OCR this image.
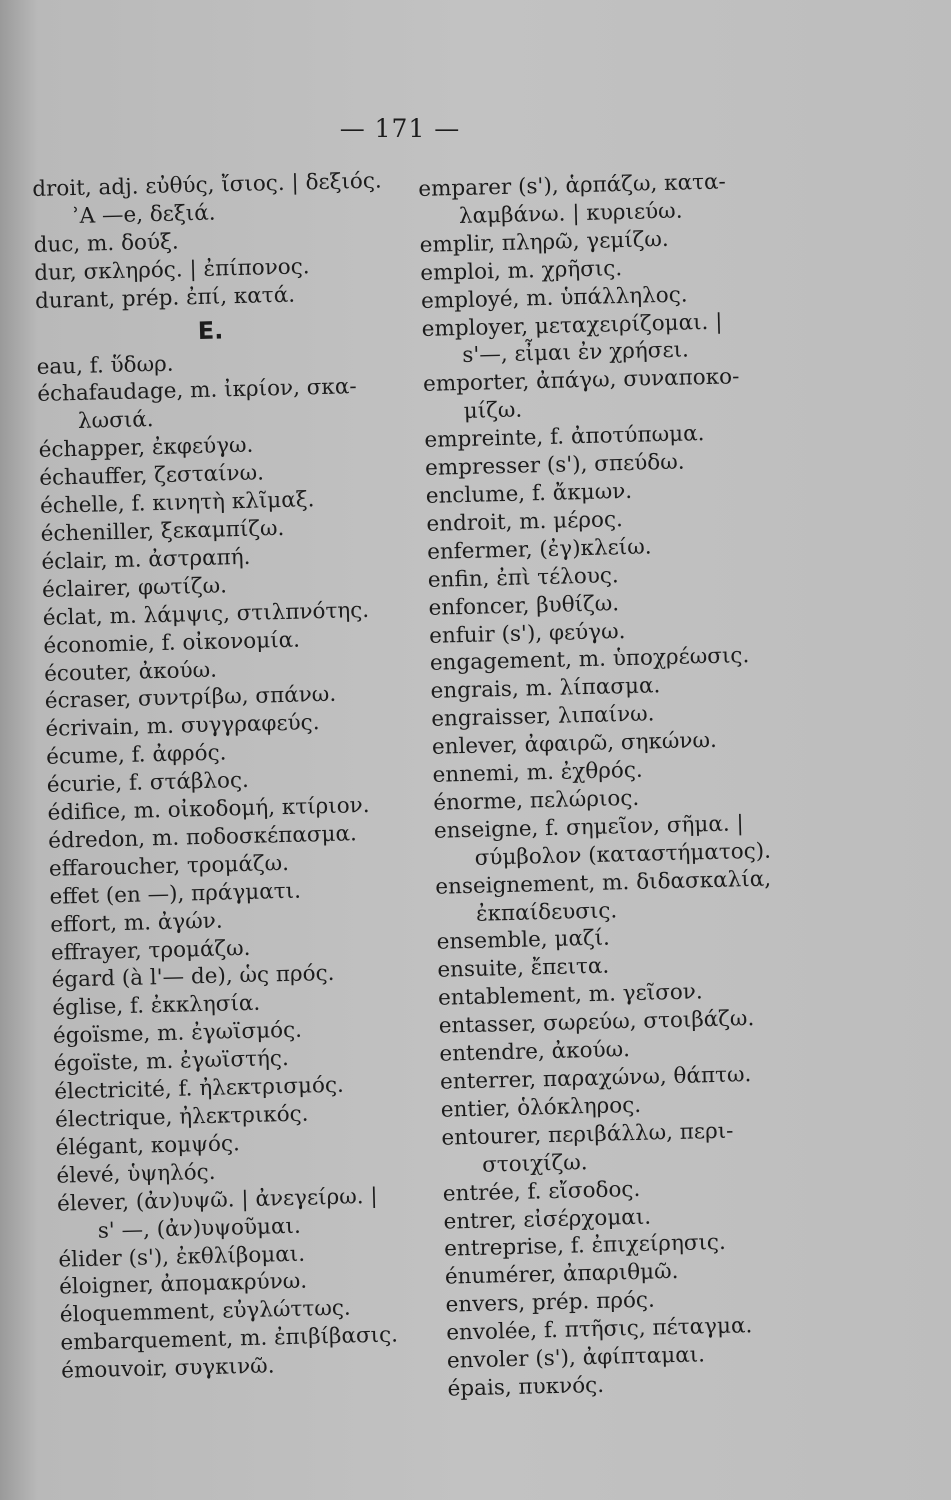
— 171 —
droit, adj. εὐθύς, ἴσιος. | δεξιός.
ʾA —e, δεξιά.
duc, m. δούξ.
dur, σκληρός. | ἐπίπονος.
durant, prép. ἐπί, κατά.
E.
eau, f. ὕδωρ.
échafaudage, m. ἰκρίον, σκα-
λωσιά.
échapper, ἐκφεύγω.
échauffer, ζεσταίνω.
échelle, f. κινητὴ κλῖμαξ.
écheniller, ξεκαμπίζω.
éclair, m. ἀστραπή.
éclairer, φωτίζω.
éclat, m. λάμψις, στιλπνότης.
économie, f. οἰκονομία.
écouter, ἀκούω.
écraser, συντρίβω, σπάνω.
écrivain, m. συγγραφεύς.
écume, f. ἀφρός.
écurie, f. στάβλος.
édifice, m. οἰκοδομή, κτίριον.
édredon, m. ποδοσκέπασμα.
effaroucher, τρομάζω.
effet (en —), πράγματι.
effort, m. ἀγών.
effrayer, τρομάζω.
égard (à l'— de), ὡς πρός.
église, f. ἐκκλησία.
égoïsme, m. ἐγωϊσμός.
égoïste, m. ἐγωϊστής.
électricité, f. ἠλεκτρισμός.
électrique, ἠλεκτρικός.
élégant, κομψός.
élevé, ὑψηλός.
élever, (ἀν)υψῶ. | ἀνεγείρω. |
s' —, (ἀν)υψοῦμαι.
élider (s'), ἐκθλίβομαι.
éloigner, ἀπομακρύνω.
éloquemment, εὐγλώττως.
embarquement, m. ἐπιβίβασις.
émouvoir, συγκινῶ.
emparer (s'), ἁρπάζω, κατα-
λαμβάνω. | κυριεύω.
emplir, πληρῶ, γεμίζω.
emploi, m. χρῆσις.
employé, m. ὑπάλληλος.
employer, μεταχειρίζομαι. |
s'—, εἶμαι ἐν χρήσει.
emporter, ἀπάγω, συναποκο-
μίζω.
empreinte, f. ἀποτύπωμα.
empresser (s'), σπεύδω.
enclume, f. ἄκμων.
endroit, m. μέρος.
enfermer, (ἐγ)κλείω.
enfin, ἐπὶ τέλους.
enfoncer, βυθίζω.
enfuir (s'), φεύγω.
engagement, m. ὑποχρέωσις.
engrais, m. λίπασμα.
engraisser, λιπαίνω.
enlever, ἀφαιρῶ, σηκώνω.
ennemi, m. ἐχθρός.
énorme, πελώριος.
enseigne, f. σημεῖον, σῆμα. |
σύμβολον (καταστήματος).
enseignement, m. διδασκαλία,
ἐκπαίδευσις.
ensemble, μαζί.
ensuite, ἔπειτα.
entablement, m. γεῖσον.
entasser, σωρεύω, στοιβάζω.
entendre, ἀκούω.
enterrer, παραχώνω, θάπτω.
entier, ὁλόκληρος.
entourer, περιβάλλω, περι-
στοιχίζω.
entrée, f. εἴσοδος.
entrer, εἰσέρχομαι.
entreprise, f. ἐπιχείρησις.
énumérer, ἀπαριθμῶ.
envers, prép. πρός.
envolée, f. πτῆσις, πέταγμα.
envoler (s'), ἀφίπταμαι.
épais, πυκνός.
